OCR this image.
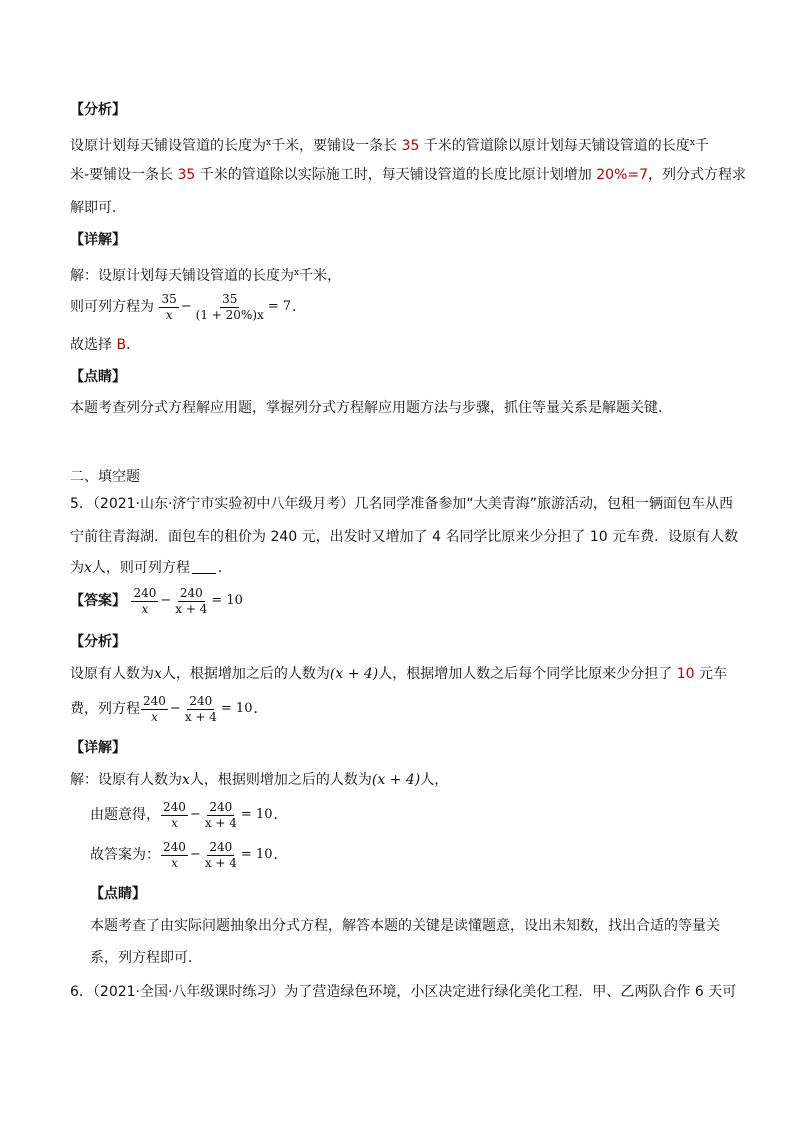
【分析】
设原计划每天铺设管道的长度为$^x$千米，要铺设一条长 35 千米的管道除以原计划每天铺设管道的长度$^x$千
米-要铺设一条长 35 千米的管道除以实际施工时，每天铺设管道的长度比原计划增加 20%=7，列分式方程求
解即可．
【详解】
解：设原计划每天铺设管道的长度为$^x$千米，
则可列方程为 $\frac{35}{x} - \frac{35}{(1 + 20\%)x} = 7$．
故选择 B．
【点睛】
本题考查列分式方程解应用题，掌握列分式方程解应用题方法与步骤，抓住等量关系是解题关键．
二、填空题
5．（2021·山东·济宁市实验初中八年级月考）几名同学准备参加“大美青海”旅游活动，包租一辆面包车从西
宁前往青海湖．面包车的租价为 240 元，出发时又增加了 4 名同学比原来少分担了 10 元车费．设原有人数
为x人，则可列方程 ．
【答案】 $\frac{240}{x} - \frac{240}{x + 4} = 10$
【分析】
设原有人数为x人，根据增加之后的人数为(x + 4)人，根据增加人数之后每个同学比原来少分担了 10 元车
费，列方程 $\frac{240}{x} - \frac{240}{x + 4} = 10$．
【详解】
解：设原有人数为x人，根据则增加之后的人数为(x + 4)人，
由题意得， $\frac{240}{x} - \frac{240}{x + 4} = 10$．
故答案为： $\frac{240}{x} - \frac{240}{x + 4} = 10$．
【点睛】
本题考查了由实际问题抽象出分式方程，解答本题的关键是读懂题意，设出未知数，找出合适的等量关
系，列方程即可．
6．（2021·全国·八年级课时练习）为了营造绿色环境，小区决定进行绿化美化工程．甲、乙两队合作 6 天可
